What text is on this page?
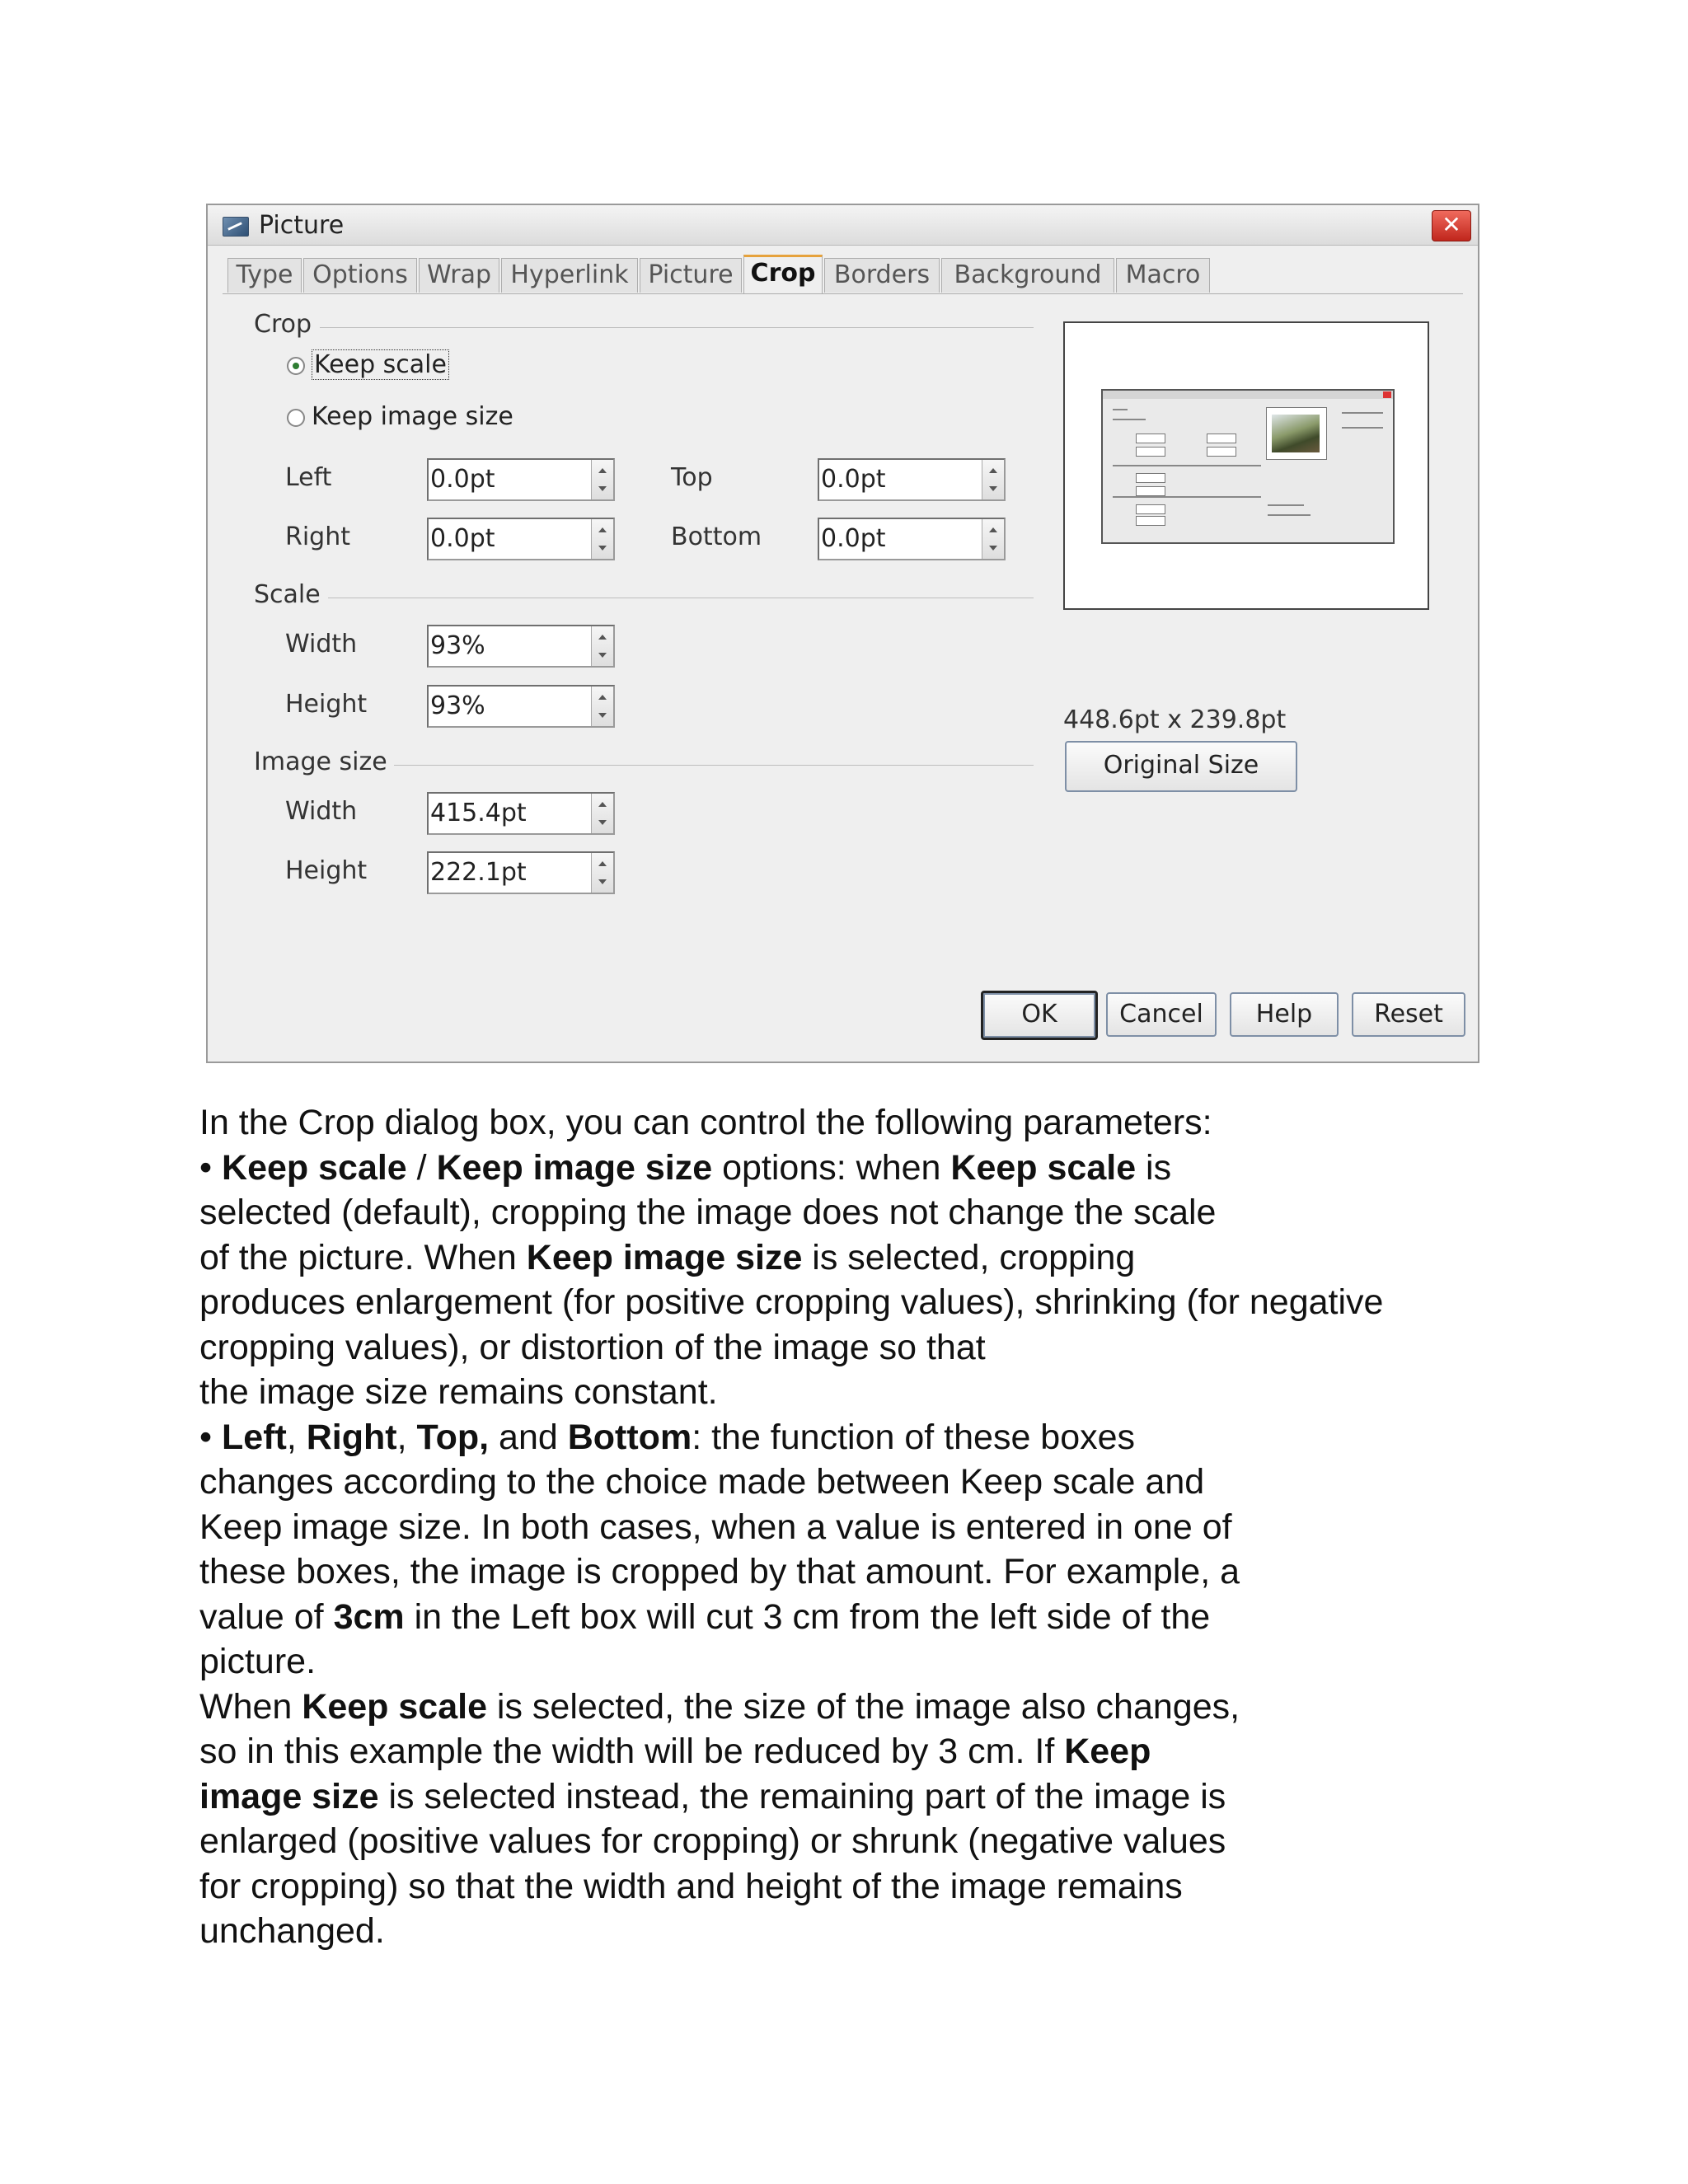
Picture	✕
Type Options Wrap Hyperlink Picture Crop Borders Background Macro
Crop
Keep scale
Keep image size
Left	0.0pt	Top	0.0pt
Right	0.0pt	Bottom 0.0pt
Scale
Width	93%
Height	93%
Image size
Width	415.4pt
Height	222.1pt
448.6pt x 239.8pt
Original Size
OK	Cancel	Help	Reset

In the Crop dialog box, you can control the following parameters:

• Keep scale / Keep image size options: when Keep scale is

selected (default), cropping the image does not change the scale

of the picture. When Keep image size is selected, cropping

produces enlargement (for positive cropping values), shrinking (for negative

cropping values), or distortion of the image so that

the image size remains constant.

• Left, Right, Top, and Bottom: the function of these boxes

changes according to the choice made between Keep scale and

Keep image size. In both cases, when a value is entered in one of

these boxes, the image is cropped by that amount. For example, a

value of 3cm in the Left box will cut 3 cm from the left side of the

picture.

When Keep scale is selected, the size of the image also changes,

so in this example the width will be reduced by 3 cm. If Keep

image size is selected instead, the remaining part of the image is

enlarged (positive values for cropping) or shrunk (negative values

for cropping) so that the width and height of the image remains

unchanged.
